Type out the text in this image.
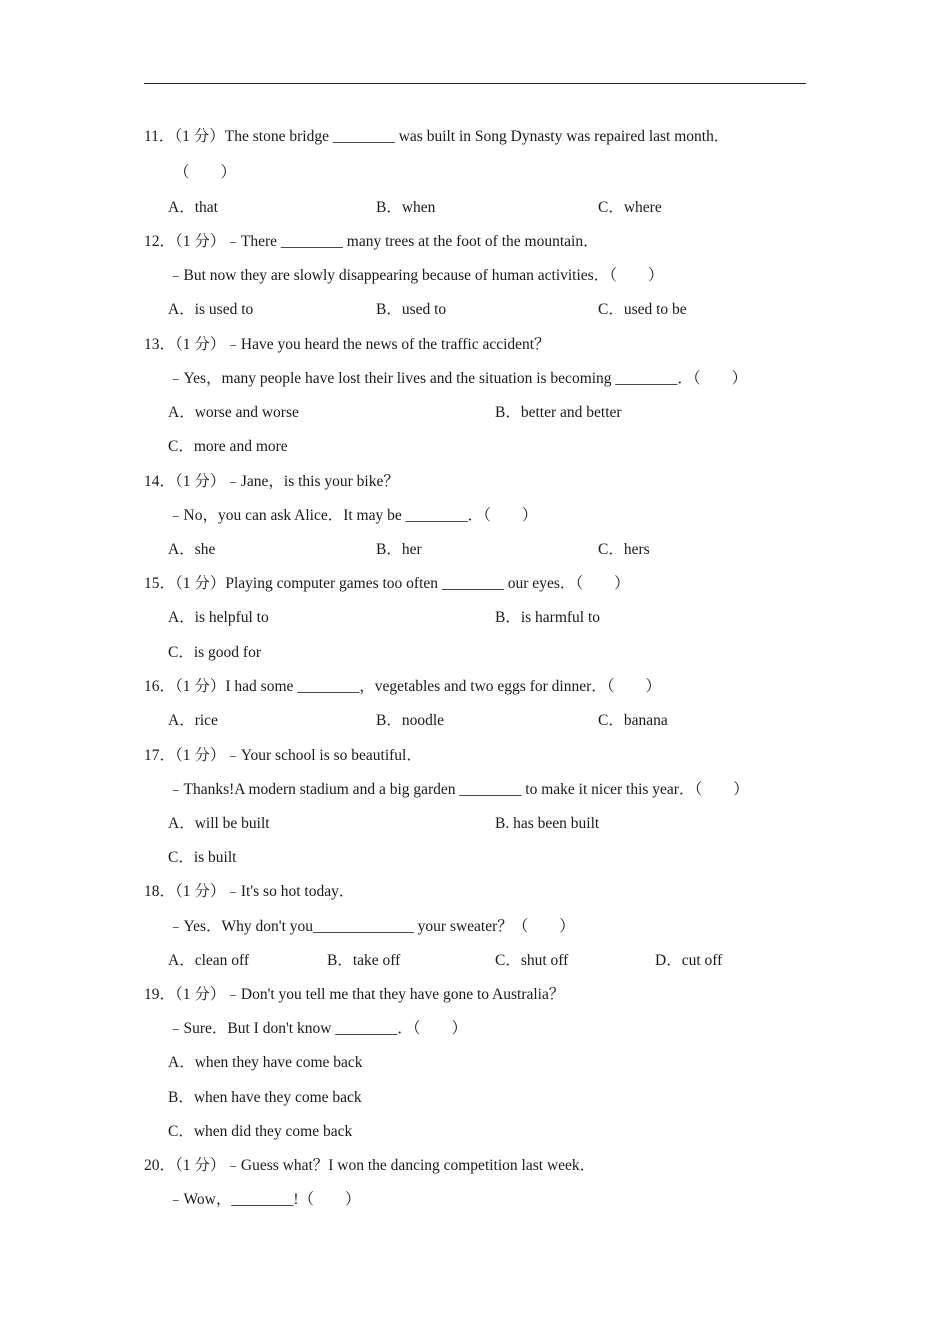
11．（1 分）The stone bridge ________ was built in Song Dynasty was repaired last month．
（　　）
A．that	B．when	C．where
12．（1 分）﹣There ________ many trees at the foot of the mountain．
﹣But now they are slowly disappearing because of human activities．（　　）
A．is used to	B．used to	C．used to be
13．（1 分）﹣Have you heard the news of the traffic accident？
﹣Yes，many people have lost their lives and the situation is becoming ________．（　　）
A．worse and worse	B．better and better
C．more and more
14．（1 分）﹣Jane，is this your bike？
﹣No，you can ask Alice．It may be ________．（　　）
A．she	B．her	C．hers
15．（1 分）Playing computer games too often ________ our eyes．（　　）
A．is helpful to	B．is harmful to
C．is good for
16．（1 分）I had some ________，vegetables and two eggs for dinner．（　　）
A．rice	B．noodle	C．banana
17．（1 分）﹣Your school is so beautiful．
﹣Thanks!A modern stadium and a big garden ________ to make it nicer this year．（　　）
A．will be built	B. has been built
C．is built
18．（1 分）﹣It's so hot today．
﹣Yes．Why don't you_____________ your sweater？（　　）
A．clean off	B．take off	C．shut off	D．cut off
19．（1 分）﹣Don't you tell me that they have gone to Australia？
﹣Sure．But I don't know ________．（　　）
A．when they have come back
B．when have they come back
C．when did they come back
20．（1 分）﹣Guess what？I won the dancing competition last week．
﹣Wow，________!（　　）
